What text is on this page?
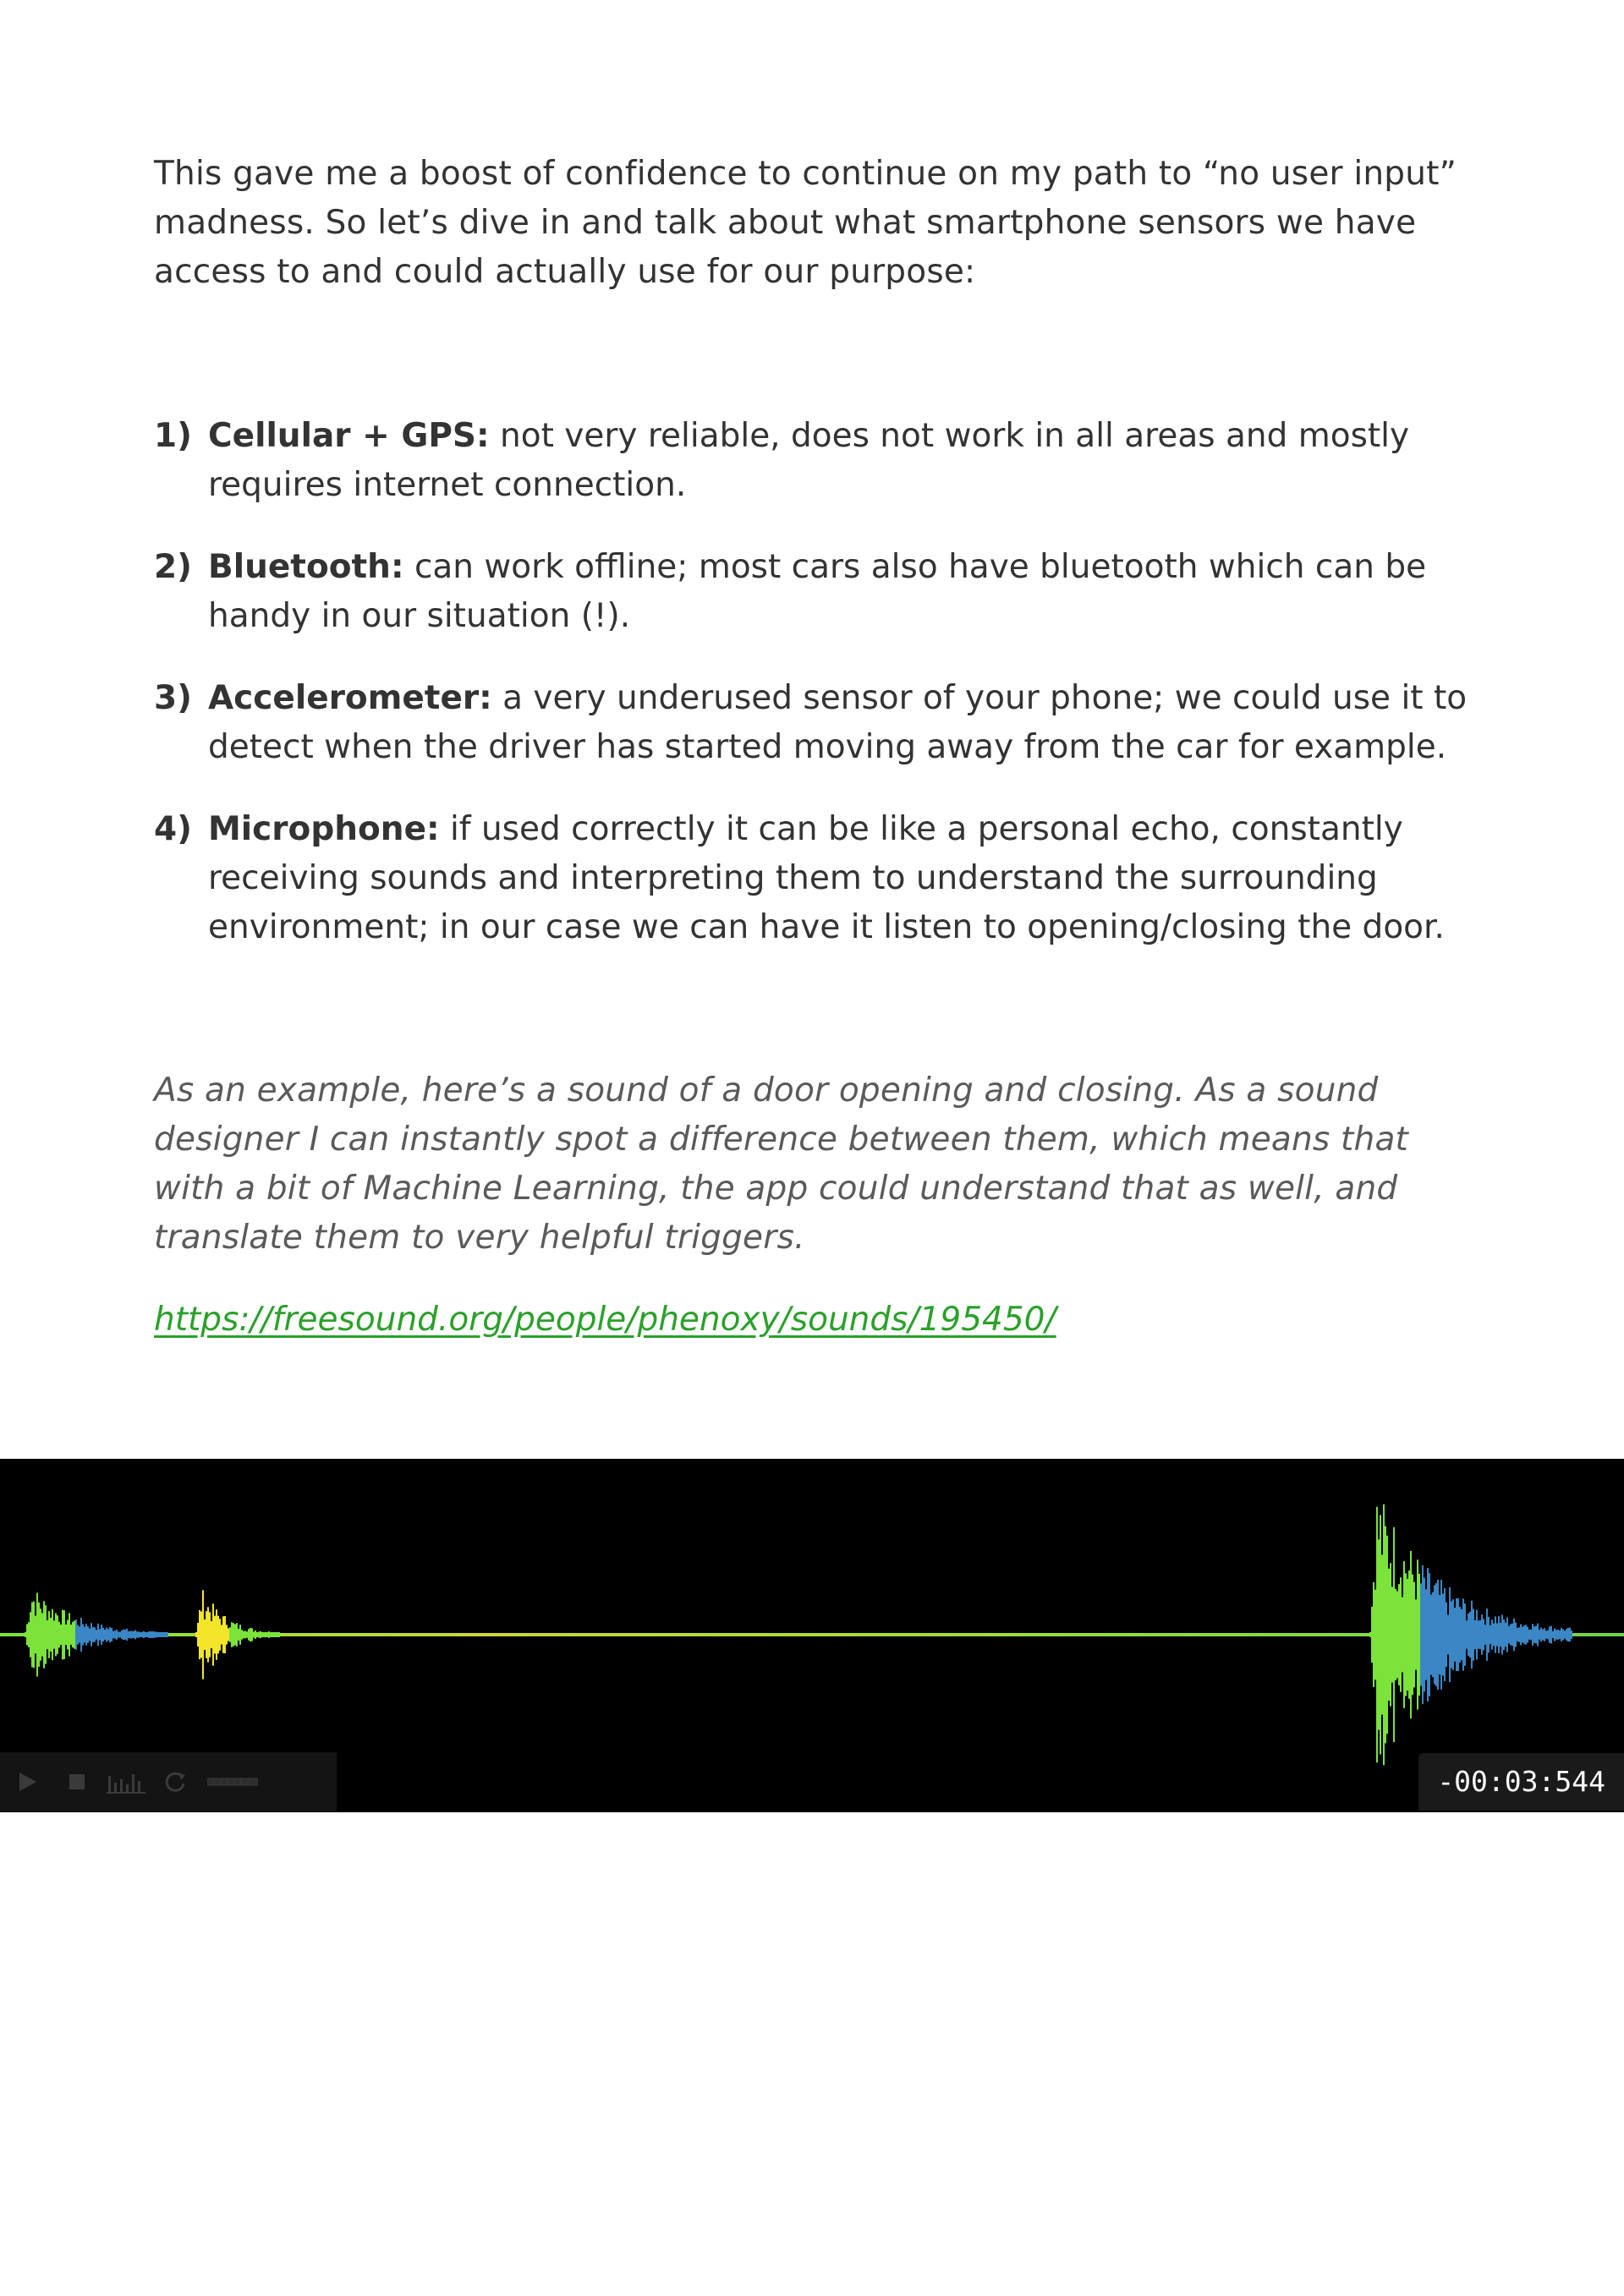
This gave me a boost of confidence to continue on my path to “no user input” madness. So let’s dive in and talk about what smartphone sensors we have access to and could actually use for our purpose:

1) Cellular + GPS: not very reliable, does not work in all areas and mostly requires internet connection.
2) Bluetooth: can work offline; most cars also have bluetooth which can be handy in our situation (!).
3) Accelerometer: a very underused sensor of your phone; we could use it to detect when the driver has started moving away from the car for example.
4) Microphone: if used correctly it can be like a personal echo, constantly receiving sounds and interpreting them to understand the surrounding environment; in our case we can have it listen to opening/closing the door.

As an example, here’s a sound of a door opening and closing. As a sound designer I can instantly spot a difference between them, which means that with a bit of Machine Learning, the app could understand that as well, and translate them to very helpful triggers.

https://freesound.org/people/phenoxy/sounds/195450/
-00:03:544
